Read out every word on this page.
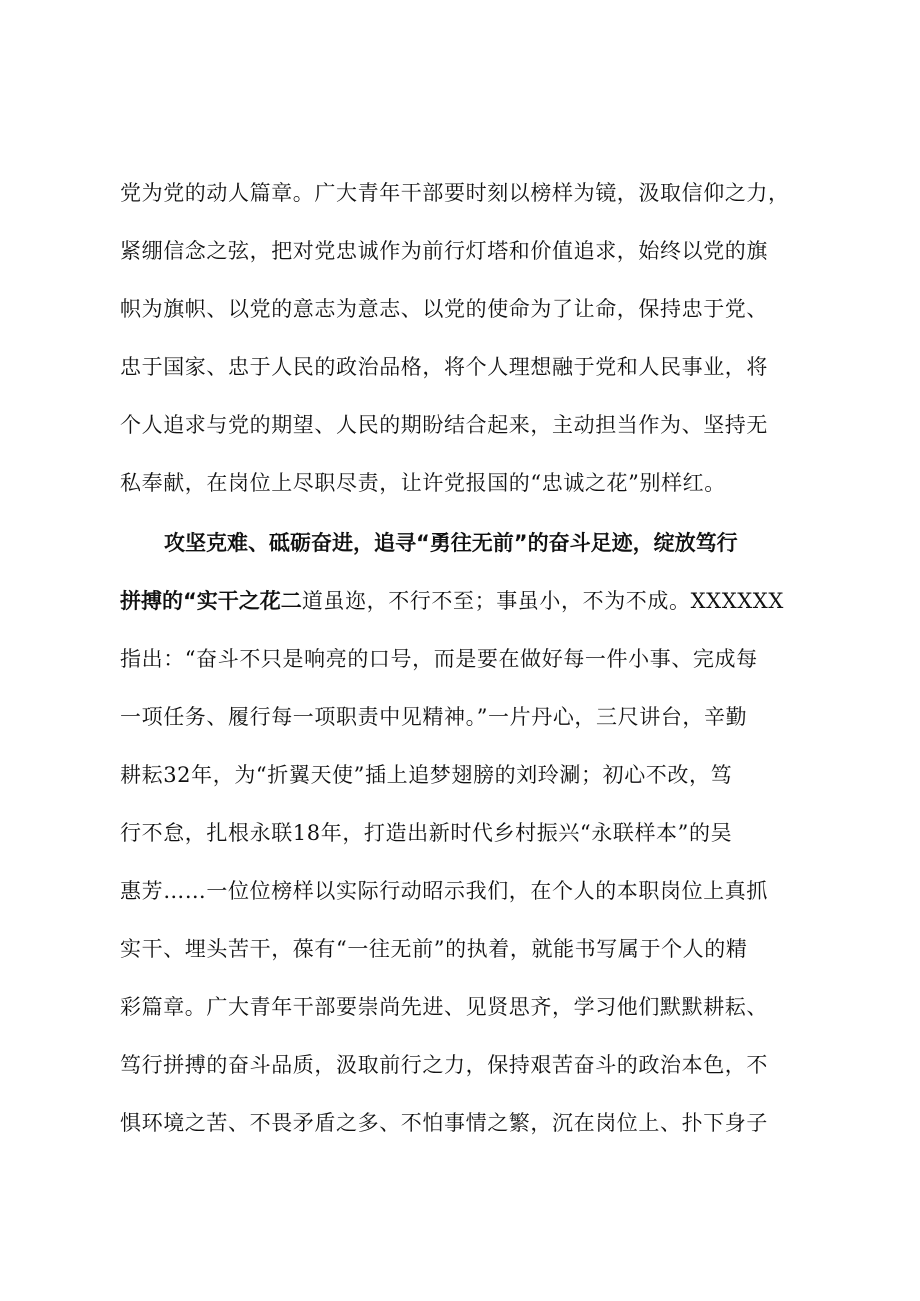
党为党的动人篇章。广大青年干部要时刻以榜样为镜，汲取信仰之力，
紧绷信念之弦，把对党忠诚作为前行灯塔和价值追求，始终以党的旗
帜为旗帜、以党的意志为意志、以党的使命为了让命，保持忠于党、
忠于国家、忠于人民的政治品格，将个人理想融于党和人民事业，将
个人追求与党的期望、人民的期盼结合起来，主动担当作为、坚持无
私奉献，在岗位上尽职尽责，让许党报国的“忠诚之花”别样红。
攻坚克难、砥砺奋进，追寻“勇往无前”的奋斗足迹，绽放笃行
拼搏的“实干之花二道虽迩，不行不至；事虽小，不为不成。XXXXXX
指出：“奋斗不只是响亮的口号，而是要在做好每一件小事、完成每
一项任务、履行每一项职责中见精神。”一片丹心，三尺讲台，辛勤
耕耘32年，为“折翼天使”插上追梦翅膀的刘玲涮；初心不改，笃
行不怠，扎根永联18年，打造出新时代乡村振兴“永联样本”的吴
惠芳……一位位榜样以实际行动昭示我们，在个人的本职岗位上真抓
实干、埋头苦干，葆有“一往无前”的执着，就能书写属于个人的精
彩篇章。广大青年干部要崇尚先进、见贤思齐，学习他们默默耕耘、
笃行拼搏的奋斗品质，汲取前行之力，保持艰苦奋斗的政治本色，不
惧环境之苦、不畏矛盾之多、不怕事情之繁，沉在岗位上、扑下身子
